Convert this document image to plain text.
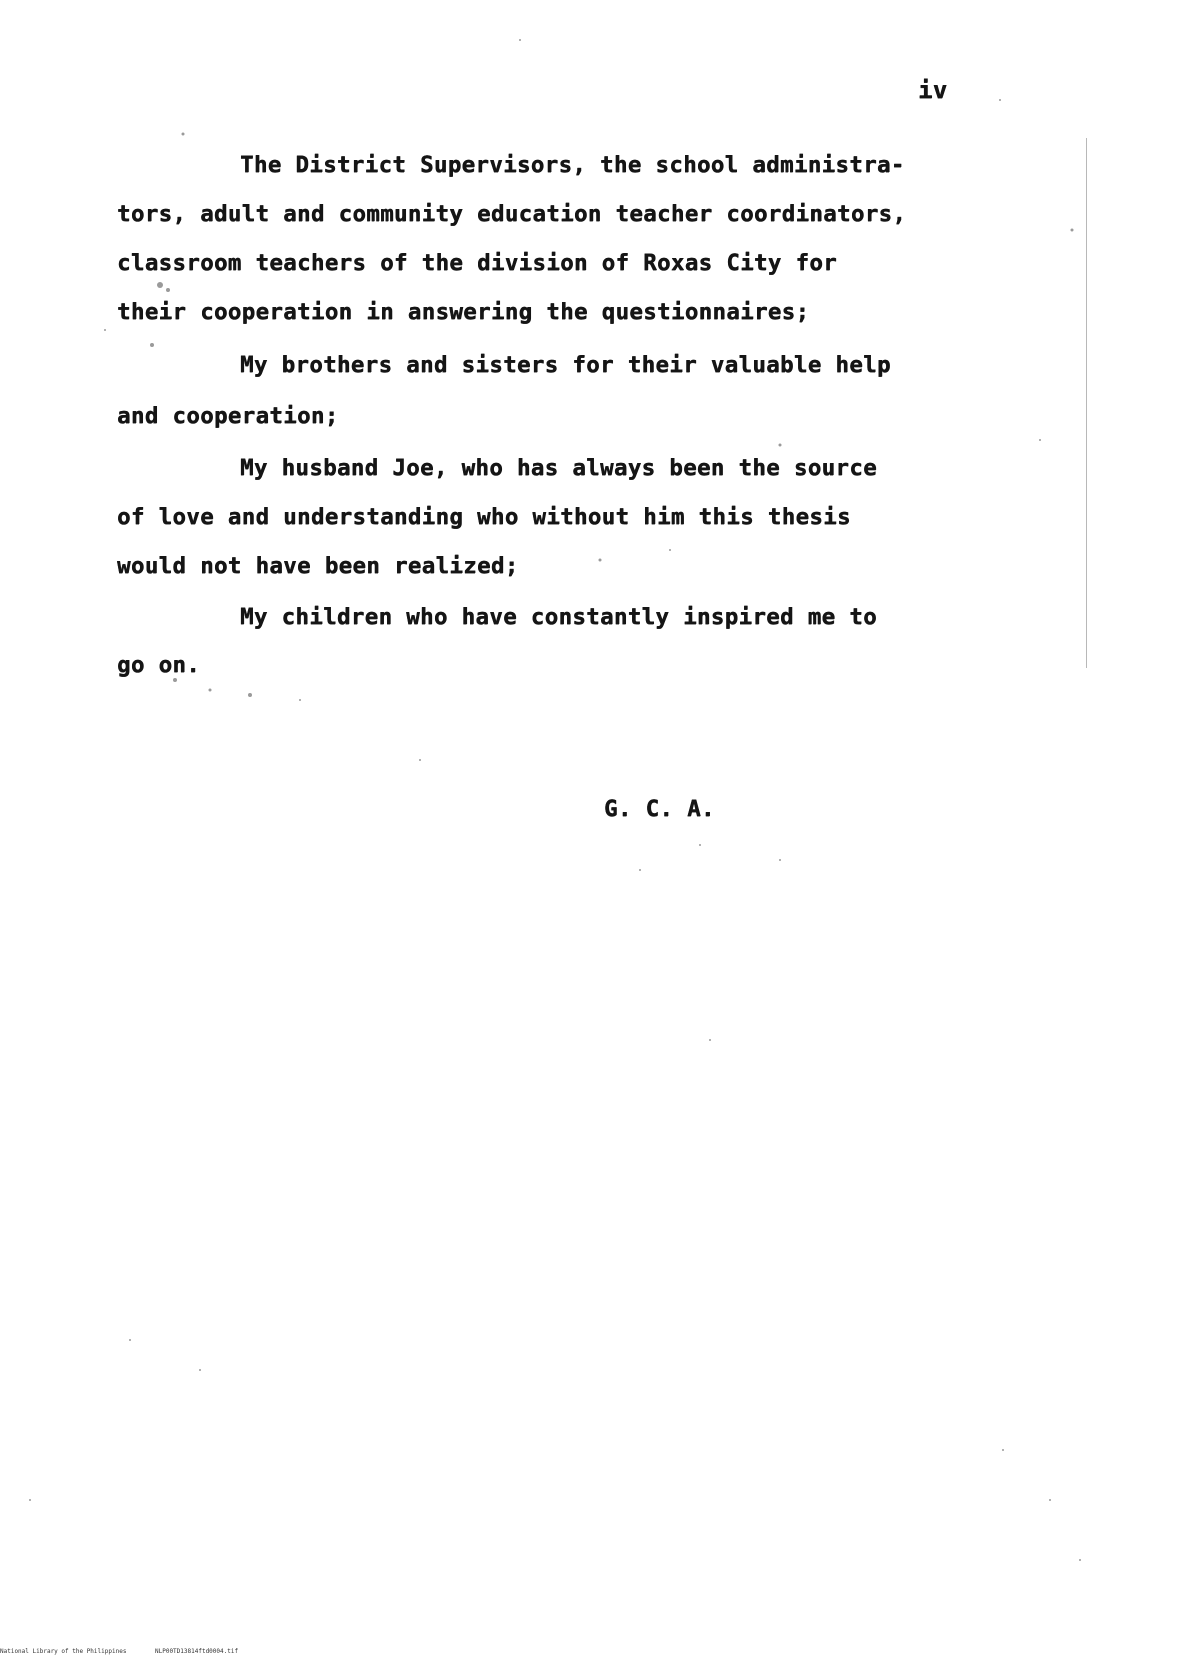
iv
The District Supervisors, the school administra-
tors, adult and community education teacher coordinators,
classroom teachers of the division of Roxas City for
their cooperation in answering the questionnaires;
My brothers and sisters for their valuable help
and cooperation;
My husband Joe, who has always been the source
of love and understanding who without him this thesis
would not have been realized;
My children who have constantly inspired me to
go on.
G. C. A.
National Library of the Philippines	NLP00TD13814ftd0004.tif
